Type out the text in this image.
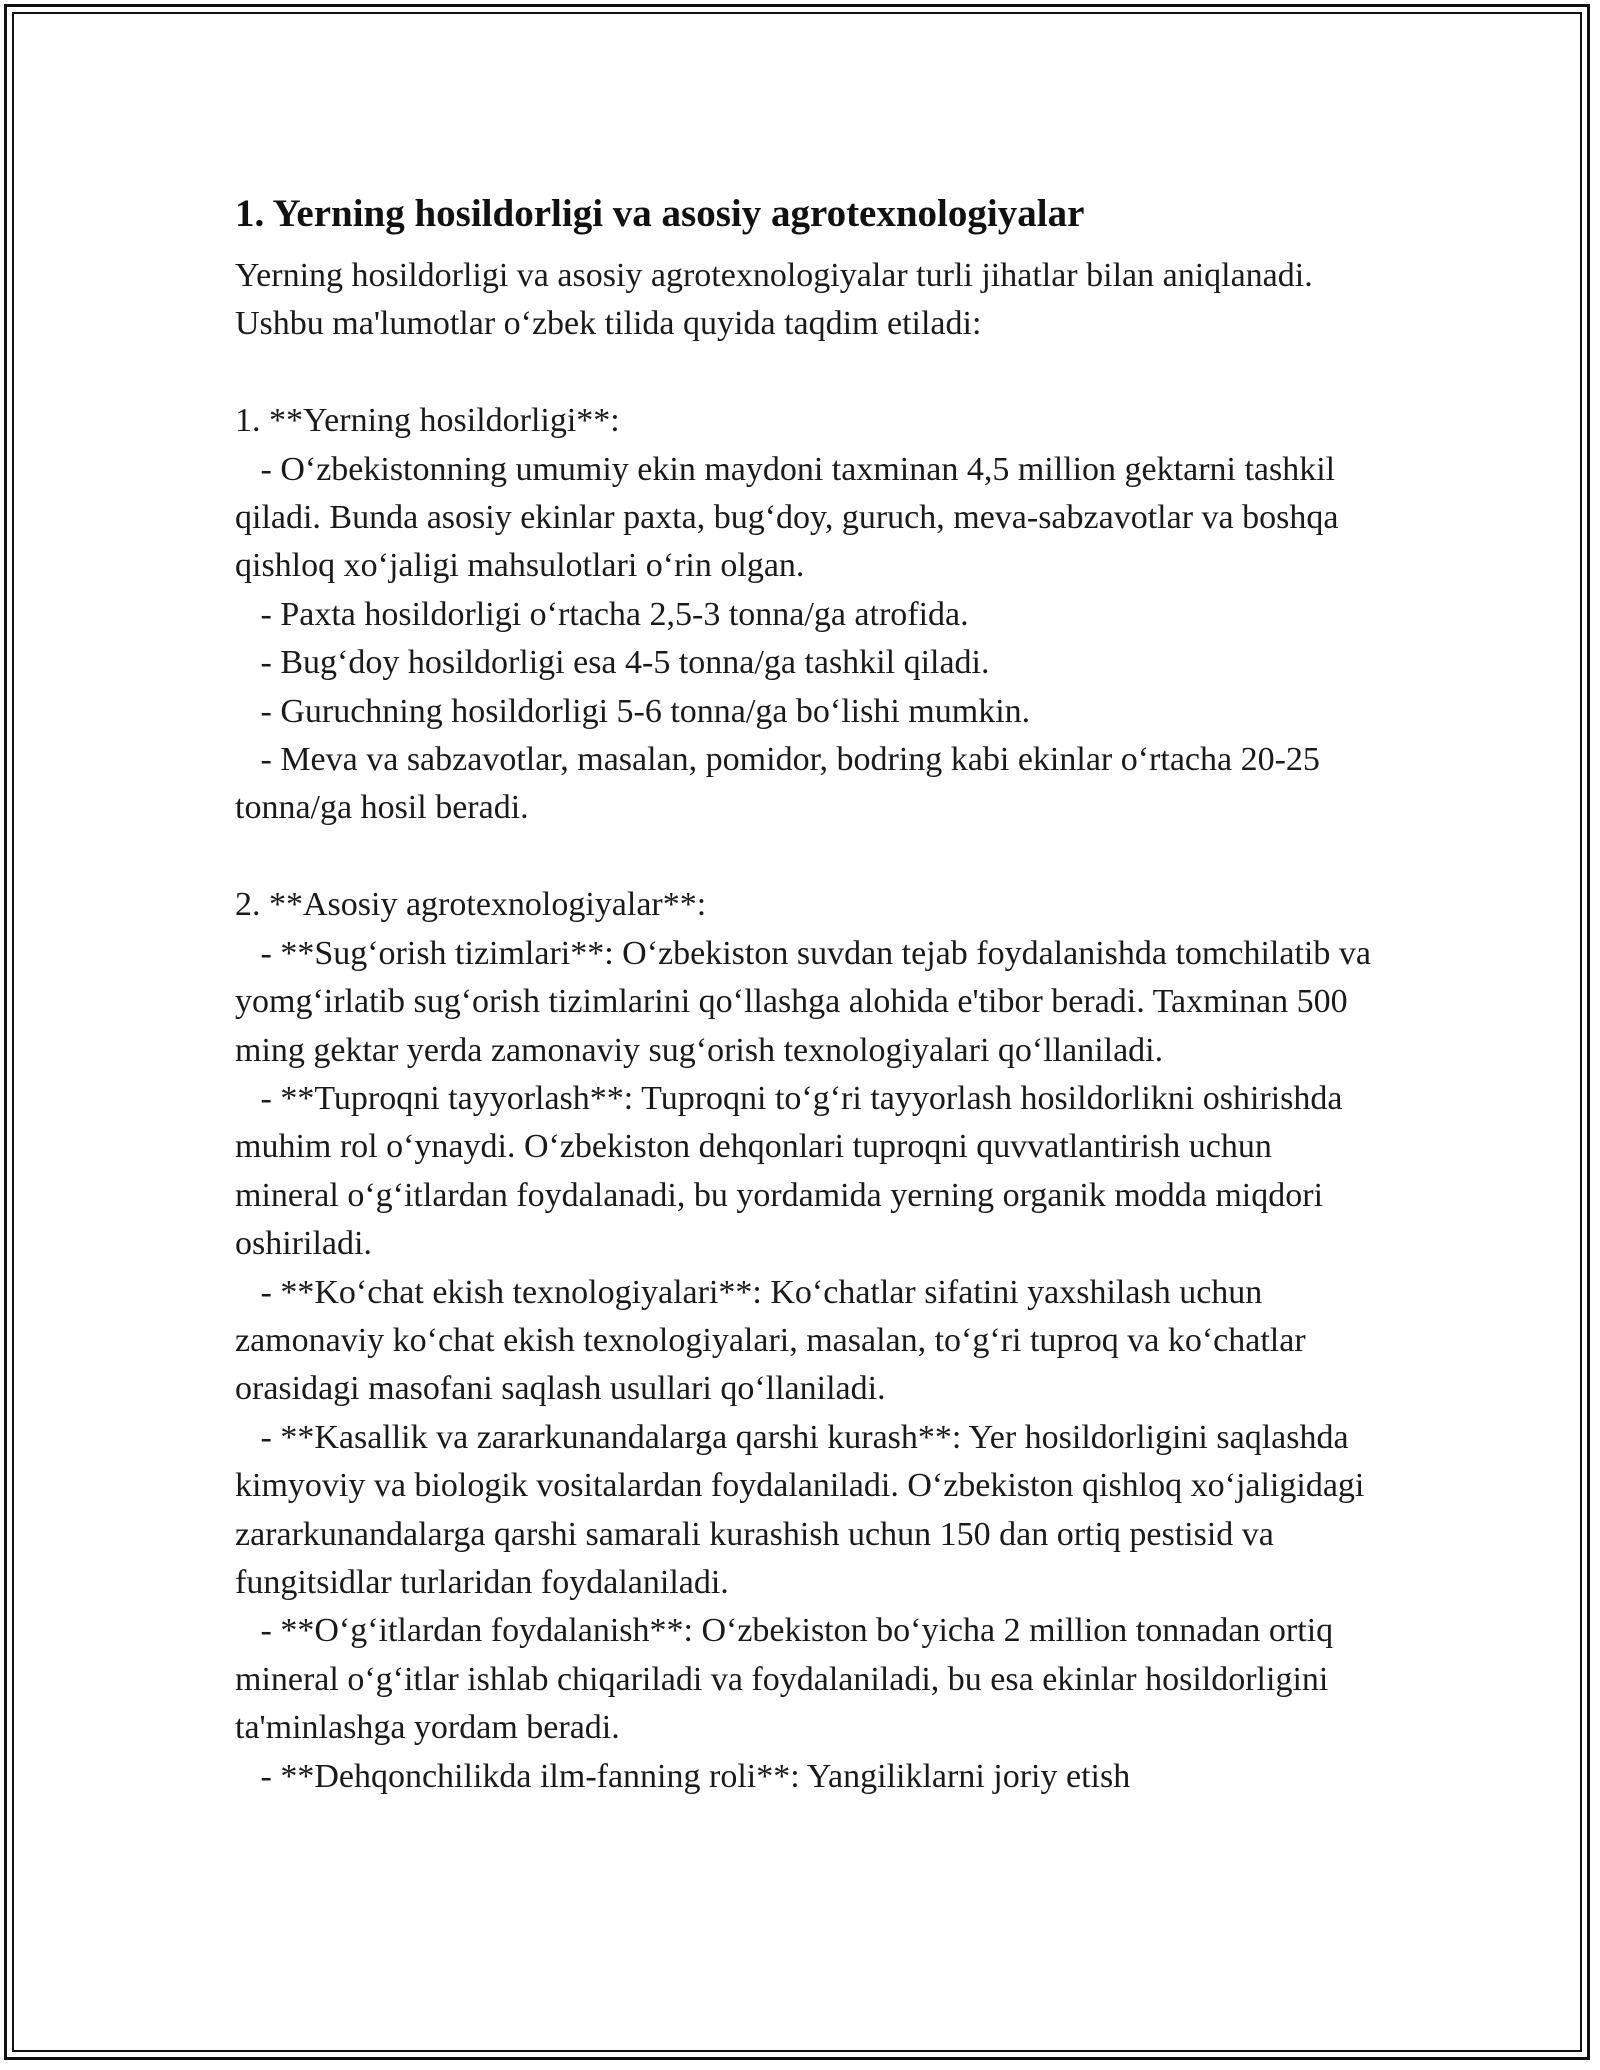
1. Yerning hosildorligi va asosiy agrotexnologiyalar

Yerning hosildorligi va asosiy agrotexnologiyalar turli jihatlar bilan aniqlanadi. Ushbu ma'lumotlar o‘zbek tilida quyida taqdim etiladi:

1. **Yerning hosildorligi**:
- O‘zbekistonning umumiy ekin maydoni taxminan 4,5 million gektarni tashkil qiladi. Bunda asosiy ekinlar paxta, bug‘doy, guruch, meva-sabzavotlar va boshqa qishloq xo‘jaligi mahsulotlari o‘rin olgan.
- Paxta hosildorligi o‘rtacha 2,5-3 tonna/ga atrofida.
- Bug‘doy hosildorligi esa 4-5 tonna/ga tashkil qiladi.
- Guruchning hosildorligi 5-6 tonna/ga bo‘lishi mumkin.
- Meva va sabzavotlar, masalan, pomidor, bodring kabi ekinlar o‘rtacha 20-25 tonna/ga hosil beradi.

2. **Asosiy agrotexnologiyalar**:
- **Sug‘orish tizimlari**: O‘zbekiston suvdan tejab foydalanishda tomchilatib va yomg‘irlatib sug‘orish tizimlarini qo‘llashga alohida e'tibor beradi. Taxminan 500 ming gektar yerda zamonaviy sug‘orish texnologiyalari qo‘llaniladi.
- **Tuproqni tayyorlash**: Tuproqni to‘g‘ri tayyorlash hosildorlikni oshirishda muhim rol o‘ynaydi. O‘zbekiston dehqonlari tuproqni quvvatlantirish uchun mineral o‘g‘itlardan foydalanadi, bu yordamida yerning organik modda miqdori oshiriladi.
- **Ko‘chat ekish texnologiyalari**: Ko‘chatlar sifatini yaxshilash uchun zamonaviy ko‘chat ekish texnologiyalari, masalan, to‘g‘ri tuproq va ko‘chatlar orasidagi masofani saqlash usullari qo‘llaniladi.
- **Kasallik va zararkunandalarga qarshi kurash**: Yer hosildorligini saqlashda kimyoviy va biologik vositalardan foydalaniladi. O‘zbekiston qishloq xo‘jaligidagi zararkunandalarga qarshi samarali kurashish uchun 150 dan ortiq pestisid va fungitsidlar turlaridan foydalaniladi.
- **O‘g‘itlardan foydalanish**: O‘zbekiston bo‘yicha 2 million tonnadan ortiq mineral o‘g‘itlar ishlab chiqariladi va foydalaniladi, bu esa ekinlar hosildorligini ta'minlashga yordam beradi.
- **Dehqonchilikda ilm-fanning roli**: Yangiliklarni joriy etish
